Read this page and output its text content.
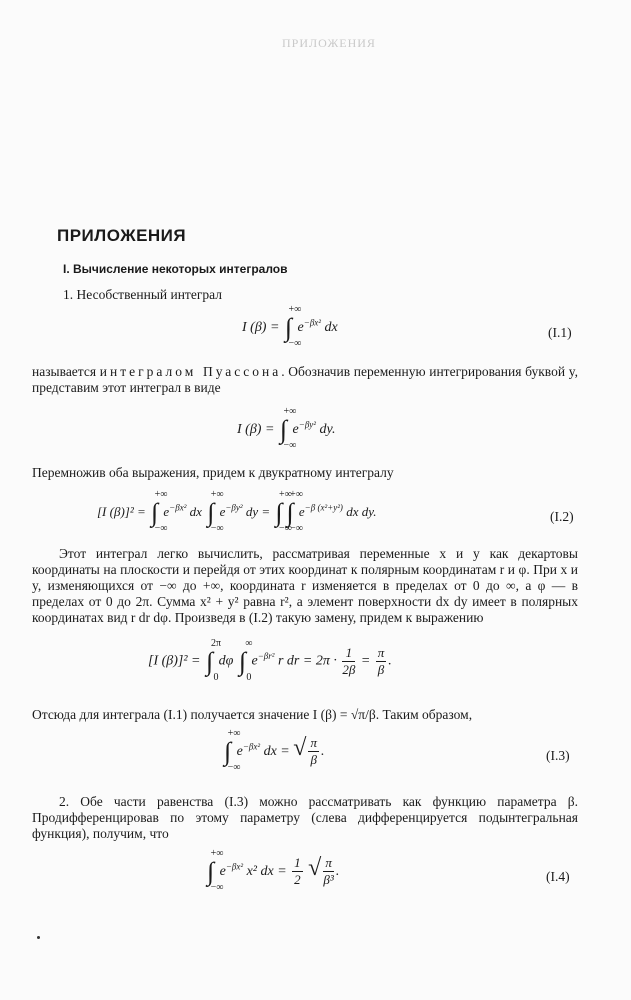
ПРИЛОЖЕНИЯ
ПРИЛОЖЕНИЯ
I. Вычисление некоторых интегралов
1. Несобственный интеграл
I (β) = ∫
+∞
−∞
$e^{-\beta x^2}$ dx	(I.1)
называется интегралом Пуассона. Обозначив переменную интегрирования буквой y, представим этот интеграл в виде
I (β) = ∫
+∞
−∞
$e^{-\beta y^2}$ dy.
Перемножив оба выражения, придем к двукратному интегралу
[I (β)]² = ∫
+∞
−∞
$e^{-\beta x^2}$ dx ∫
+∞
−∞
$e^{-\beta y^2}$ dy = ∫
+∞
−∞
∫
+∞
−∞
$e^{-\beta (x^2+y^2)}$ dx dy.	(I.2)
Этот интеграл легко вычислить, рассматривая переменные x и y как декартовы координаты на плоскости и перейдя от этих координат к полярным координатам r и φ. При x и y, изменяющихся от −∞ до +∞, координата r изменяется в пределах от 0 до ∞, а φ — в пределах от 0 до 2π. Сумма x² + y² равна r², а элемент поверхности dx dy имеет в полярных координатах вид r dr dφ. Произведя в (I.2) такую замену, придем к выражению
[I (β)]² = ∫
2π
0
dφ ∫
∞
0
$e^{-\beta r^2}$ r dr = $2\pi \cdot \frac{1}{2\beta} = \frac{\pi}{\beta}$ .
Отсюда для интеграла (I.1) получается значение I (β) = √π/β. Таким образом,
∫
+∞
−∞
$e^{-\beta x^2}$ dx = √ $\frac{\pi}{\beta}$ .	(I.3)
2. Обе части равенства (I.3) можно рассматривать как функцию параметра β. Продифференцировав по этому параметру (слева дифференцируется подынтегральная функция), получим, что
∫
+∞
−∞
$e^{-\beta x^2}$ x² dx = $\frac{1}{2}$ √ $\frac{\pi}{\text{β³}}$ .	(I.4)
